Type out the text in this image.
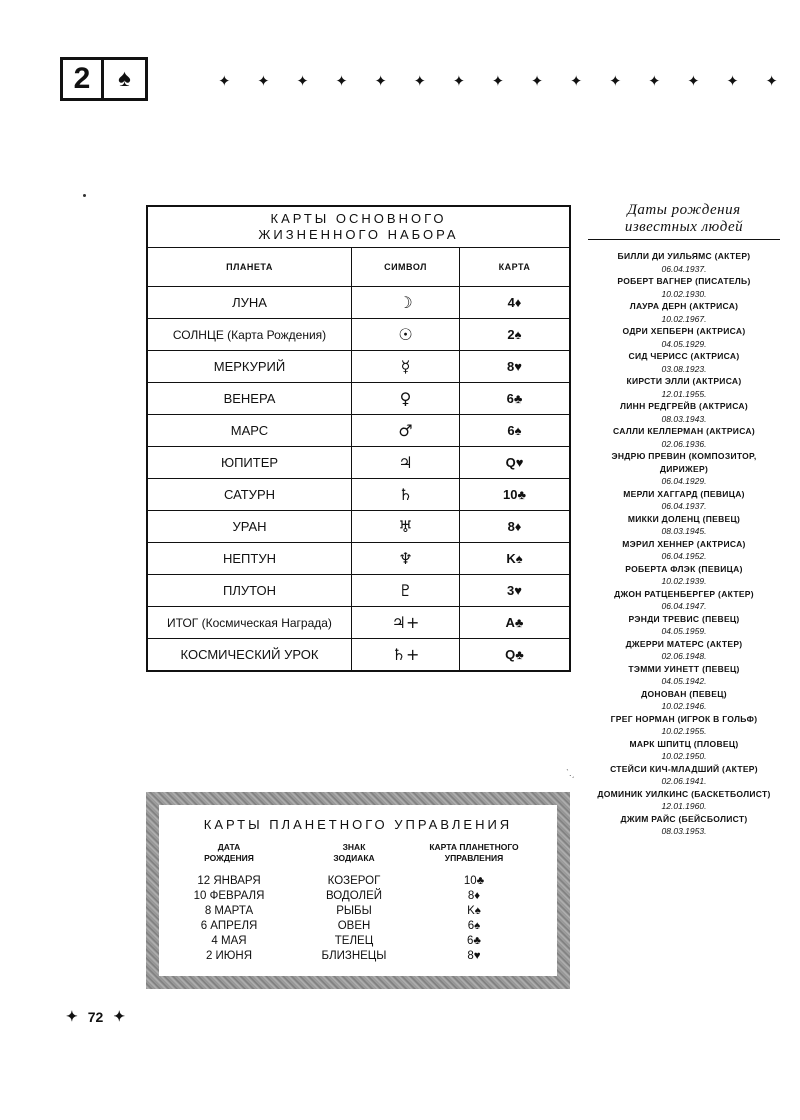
2	♠	✦ ✦ ✦ ✦ ✦ ✦ ✦ ✦ ✦ ✦ ✦ ✦ ✦ ✦ ✦
КАРТЫ ОСНОВНОГО
ЖИЗНЕННОГО НАБОРА		

ПЛАНЕТА	СИМВОЛ	КАРТА
ЛУНА	☽	4♦
СОЛНЦЕ (Карта Рождения)	☉	2♠
МЕРКУРИЙ	☿	8♥
ВЕНЕРА	♀	6♣
МАРС	♂	6♠
ЮПИТЕР	♃	Q♥
САТУРН	♄	10♣
УРАН	♅	8♦
НЕПТУН	♆	K♠
ПЛУТОН	♇	3♥
ИТОГ (Космическая Награда)	♃+	A♣
КОСМИЧЕСКИЙ УРОК	♄+	Q♣
Даты рождения
известных людей
БИЛЛИ ДИ УИЛЬЯМС (АКТЕР)
06.04.1937.
РОБЕРТ ВАГНЕР (ПИСАТЕЛЬ)
10.02.1930.
ЛАУРА ДЕРН (АКТРИСА)
10.02.1967.
ОДРИ ХЕПБЕРН (АКТРИСА)
04.05.1929.
СИД ЧЕРИСС (АКТРИСА)
03.08.1923.
КИРСТИ ЭЛЛИ (АКТРИСА)
12.01.1955.
ЛИНН РЕДГРЕЙВ (АКТРИСА)
08.03.1943.
САЛЛИ КЕЛЛЕРМАН (АКТРИСА)
02.06.1936.
ЭНДРЮ ПРЕВИН (КОМПОЗИТОР, ДИРИЖЕР)
06.04.1929.
МЕРЛИ ХАГГАРД (ПЕВИЦА)
06.04.1937.
МИККИ ДОЛЕНЦ (ПЕВЕЦ)
08.03.1945.
МЭРИЛ ХЕННЕР (АКТРИСА)
06.04.1952.
РОБЕРТА ФЛЭК (ПЕВИЦА)
10.02.1939.
ДЖОН РАТЦЕНБЕРГЕР (АКТЕР)
06.04.1947.
РЭНДИ ТРЕВИС (ПЕВЕЦ)
04.05.1959.
ДЖЕРРИ МАТЕРС (АКТЕР)
02.06.1948.
ТЭММИ УИНЕТТ (ПЕВЕЦ)
04.05.1942.
ДОНОВАН (ПЕВЕЦ)
10.02.1946.
ГРЕГ НОРМАН (ИГРОК В ГОЛЬФ)
10.02.1955.
МАРК ШПИТЦ (ПЛОВЕЦ)
10.02.1950.
СТЕЙСИ КИЧ-МЛАДШИЙ (АКТЕР)
02.06.1941.
ДОМИНИК УИЛКИНС (БАСКЕТБОЛИСТ)
12.01.1960.
ДЖИМ РАЙС (БЕЙСБОЛИСТ)
08.03.1953.
ˋ.ˏ
КАРТЫ ПЛАНЕТНОГО УПРАВЛЕНИЯ
ДАТА
РОЖДЕНИЯ
ЗНАК
ЗОДИАКА
КАРТА ПЛАНЕТНОГО
УПРАВЛЕНИЯ
12 ЯНВАРЯ	КОЗЕРОГ	10♣
10 ФЕВРАЛЯ	ВОДОЛЕЙ	8♦
8 МАРТА	РЫБЫ	K♠
6 АПРЕЛЯ	ОВЕН	6♠
4 МАЯ	ТЕЛЕЦ	6♣
2 ИЮНЯ	БЛИЗНЕЦЫ	8♥
✦ 72 ✦
